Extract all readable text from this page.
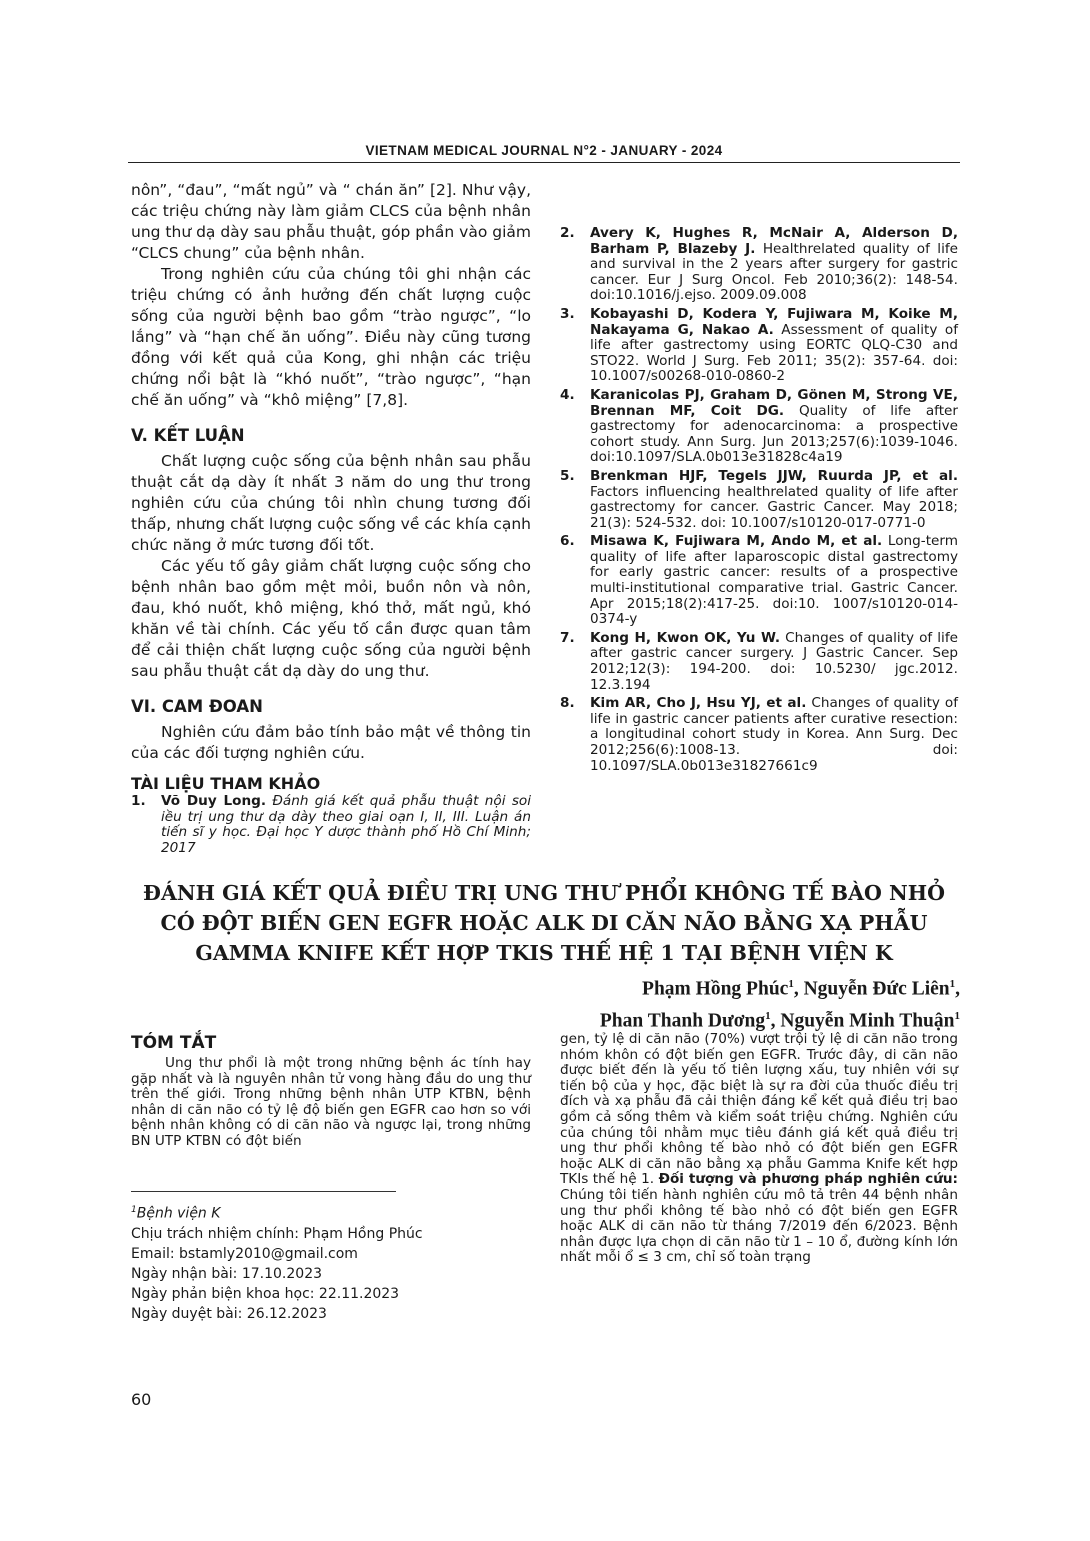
VIETNAM MEDICAL JOURNAL N°2 - JANUARY - 2024

nôn”, “đau”, “mất ngủ” và “ chán ăn” [2]. Như vậy, các triệu chứng này làm giảm CLCS của bệnh nhân ung thư dạ dày sau phẫu thuật, góp phần vào giảm “CLCS chung” của bệnh nhân.

Trong nghiên cứu của chúng tôi ghi nhận các triệu chứng có ảnh hưởng đến chất lượng cuộc sống của người bệnh bao gồm “trào ngược”, “lo lắng” và “hạn chế ăn uống”. Điều này cũng tương đồng với kết quả của Kong, ghi nhận các triệu chứng nổi bật là “khó nuốt”, “trào ngược”, “hạn chế ăn uống” và “khô miệng” [7,8].

V. KẾT LUẬN

Chất lượng cuộc sống của bệnh nhân sau phẫu thuật cắt dạ dày ít nhất 3 năm do ung thư trong nghiên cứu của chúng tôi nhìn chung tương đối thấp, nhưng chất lượng cuộc sống về các khía cạnh chức năng ở mức tương đối tốt.

Các yếu tố gây giảm chất lượng cuộc sống cho bệnh nhân bao gồm mệt mỏi, buồn nôn và nôn, đau, khó nuốt, khô miệng, khó thở, mất ngủ, khó khăn về tài chính. Các yếu tố cần được quan tâm để cải thiện chất lượng cuộc sống của người bệnh sau phẫu thuật cắt dạ dày do ung thư.

VI. CAM ĐOAN

Nghiên cứu đảm bảo tính bảo mật về thông tin của các đối tượng nghiên cứu.

TÀI LIỆU THAM KHẢO
1.	Võ Duy Long. Đánh giá kết quả phẫu thuật nội soi iều trị ung thư dạ dày theo giai oạn I, II, III. Luận án tiến sĩ y học. Đại học Y dược thành phố Hồ Chí Minh; 2017
2.	Avery K, Hughes R, McNair A, Alderson D, Barham P, Blazeby J. Healthrelated quality of life and survival in the 2 years after surgery for gastric cancer. Eur J Surg Oncol. Feb 2010;36(2): 148-54. doi:10.1016/j.ejso. 2009.09.008
3.	Kobayashi D, Kodera Y, Fujiwara M, Koike M, Nakayama G, Nakao A. Assessment of quality of life after gastrectomy using EORTC QLQ-C30 and STO22. World J Surg. Feb 2011; 35(2): 357-64. doi: 10.1007/s00268-010-0860-2
4.	Karanicolas PJ, Graham D, Gönen M, Strong VE, Brennan MF, Coit DG. Quality of life after gastrectomy for adenocarcinoma: a prospective cohort study. Ann Surg. Jun 2013;257(6):1039-1046. doi:10.1097/SLA.0b013e31828c4a19
5.	Brenkman HJF, Tegels JJW, Ruurda JP, et al. Factors influencing healthrelated quality of life after gastrectomy for cancer. Gastric Cancer. May 2018; 21(3): 524-532. doi: 10.1007/s10120-017-0771-0
6.	Misawa K, Fujiwara M, Ando M, et al. Long-term quality of life after laparoscopic distal gastrectomy for early gastric cancer: results of a prospective multi-institutional comparative trial. Gastric Cancer. Apr 2015;18(2):417-25. doi:10. 1007/s10120-014-0374-y
7.	Kong H, Kwon OK, Yu W. Changes of quality of life after gastric cancer surgery. J Gastric Cancer. Sep 2012;12(3): 194-200. doi: 10.5230/ jgc.2012. 12.3.194
8.	Kim AR, Cho J, Hsu YJ, et al. Changes of quality of life in gastric cancer patients after curative resection: a longitudinal cohort study in Korea. Ann Surg. Dec 2012;256(6):1008-13. doi: 10.1097/SLA.0b013e31827661c9
ĐÁNH GIÁ KẾT QUẢ ĐIỀU TRỊ UNG THƯ PHỔI KHÔNG TẾ BÀO NHỎ
CÓ ĐỘT BIẾN GEN EGFR HOẶC ALK DI CĂN NÃO BẰNG XẠ PHẪU
GAMMA KNIFE KẾT HỢP TKIS THẾ HỆ 1 TẠI BỆNH VIỆN K
Phạm Hồng Phúc$^1$, Nguyễn Đức Liên$^1$,
Phan Thanh Dương$^1$, Nguyễn Minh Thuận$^1$
TÓM TẮT

Ung thư phổi là một trong những bệnh ác tính hay gặp nhất và là nguyên nhân tử vong hàng đầu do ung thư trên thế giới. Trong những bệnh nhân UTP KTBN, bệnh nhân di căn não có tỷ lệ độ biến gen EGFR cao hơn so với bệnh nhân không có di căn não và ngược lại, trong những BN UTP KTBN có đột biến

$^1$Bệnh viện K

Chịu trách nhiệm chính: Phạm Hồng Phúc

Email: bstamly2010@gmail.com

Ngày nhận bài: 17.10.2023

Ngày phản biện khoa học: 22.11.2023

Ngày duyệt bài: 26.12.2023

gen, tỷ lệ di căn não (70%) vượt trội tỷ lệ di căn não trong nhóm khôn có đột biến gen EGFR. Trước đây, di căn não được biết đến là yếu tố tiên lượng xấu, tuy nhiên với sự tiến bộ của y học, đặc biệt là sự ra đời của thuốc điều trị đích và xạ phẫu đã cải thiện đáng kể kết quả điều trị bao gồm cả sống thêm và kiểm soát triệu chứng. Nghiên cứu của chúng tôi nhằm mục tiêu đánh giá kết quả điều trị ung thư phổi không tế bào nhỏ có đột biến gen EGFR hoặc ALK di căn não bằng xạ phẫu Gamma Knife kết hợp TKIs thế hệ 1. Đối tượng và phương pháp nghiên cứu: Chúng tôi tiến hành nghiên cứu mô tả trên 44 bệnh nhân ung thư phổi không tế bào nhỏ có đột biến gen EGFR hoặc ALK di căn não từ tháng 7/2019 đến 6/2023. Bệnh nhân được lựa chọn di căn não từ 1 – 10 ổ, đường kính lớn nhất mỗi ổ ≤ 3 cm, chỉ số toàn trạng

60
